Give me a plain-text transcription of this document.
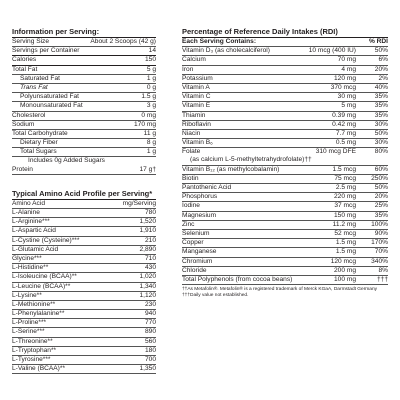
Information per Serving:
Serving Size	About 2 Scoops (42 g)
Servings per Container	14
Calories	150
Total Fat	5 g
Saturated Fat	1 g
Trans Fat	0 g
Polyunsaturated Fat	1.5 g
Monounsaturated Fat	3 g
Cholesterol	0 mg
Sodium	170 mg
Total Carbohydrate	11 g
Dietary Fiber	8 g
Total Sugars	1 g
Includes 0g Added Sugars
Protein	17 g†
Typical Amino Acid Profile per Serving*
Amino Acid	mg/Serving
L-Alanine	780
L-Arginine***	1,520
L-Aspartic Acid	1,910
L-Cystine (Cysteine)***	210
L-Glutamic Acid	2,890
Glycine***	710
L-Histidine**	430
L-Isoleucine (BCAA)**	1,020
L-Leucine (BCAA)**	1,340
L-Lysine**	1,120
L-Methionine**	230
L-Phenylalanine**	940
L-Proline***	770
L-Serine***	890
L-Threonine**	560
L-Tryptophan**	180
L-Tyrosine***	700
L-Valine (BCAA)**	1,350
Percentage of Reference Daily Intakes (RDI)
Each Serving Contains:	% RDI
Vitamin D₃ (as cholecalciferol)	10 mcg (400 IU)	50%
Calcium	70 mg	6%
Iron	4 mg	20%
Potassium	120 mg	2%
Vitamin A	370 mcg	40%
Vitamin C	30 mg	35%
Vitamin E	5 mg	35%
Thiamin	0.39 mg	35%
Riboflavin	0.42 mg	30%
Niacin	7.7 mg	50%
Vitamin B₆	0.5 mg	30%
Folate	310 mcg DFE	80%
(as calcium L-5-methyltetrahydrofolate)††
Vitamin B₁₂ (as methylcobalamin)	1.5 mcg	60%
Biotin	75 mcg	250%
Pantothenic Acid	2.5 mg	50%
Phosphorus	220 mg	20%
Iodine	37 mcg	25%
Magnesium	150 mg	35%
Zinc	11.2 mg	100%
Selenium	52 mcg	90%
Copper	1.5 mg	170%
Manganese	1.5 mg	70%
Chromium	120 mcg	340%
Chloride	200 mg	8%
Total Polyphenols (from cocoa beans)	100 mg	†††
††As Metafolin®. Metafolin® is a registered trademark of Merck KGaA, Darmstadt Germany
†††Daily value not established.
